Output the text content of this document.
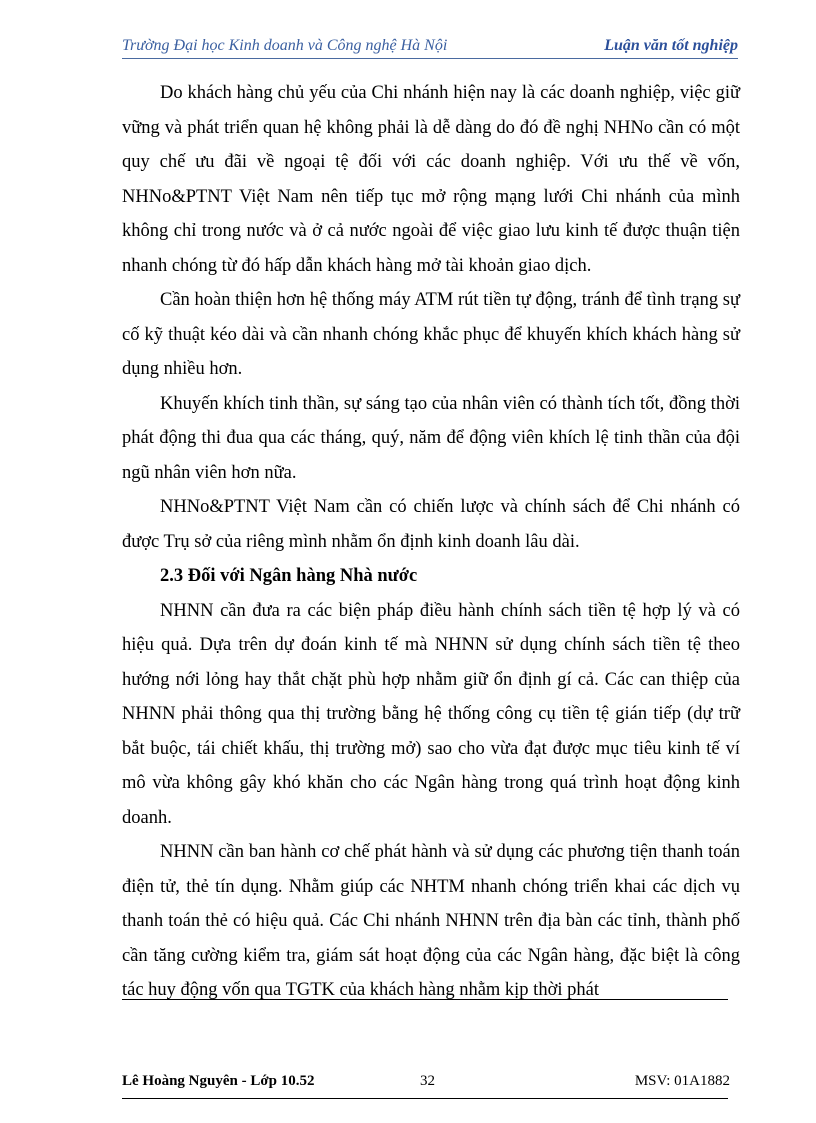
Trường Đại học Kinh doanh và Công nghệ Hà Nội	Luận văn tốt nghiệp

Do khách hàng chủ yếu của Chi nhánh hiện nay là các doanh nghiệp, việc giữ vững và phát triển quan hệ không phải là dễ dàng do đó đề nghị NHNo cần có một quy chế ưu đãi về ngoại tệ đối với các doanh nghiệp. Với ưu thế về vốn, NHNo&PTNT Việt Nam nên tiếp tục mở rộng mạng lưới Chi nhánh của mình không chỉ trong nước và ở cả nước ngoài để việc giao lưu kinh tế được thuận tiện nhanh chóng từ đó hấp dẫn khách hàng mở tài khoản giao dịch.

Cần hoàn thiện hơn hệ thống máy ATM rút tiền tự động, tránh để tình trạng sự cố kỹ thuật kéo dài và cần nhanh chóng khắc phục để khuyến khích khách hàng sử dụng nhiều hơn.

Khuyến khích tinh thần, sự sáng tạo của nhân viên có thành tích tốt, đồng thời phát động thi đua qua các tháng, quý, năm để động viên khích lệ tinh thần của đội ngũ nhân viên hơn nữa.

NHNo&PTNT Việt Nam cần có chiến lược và chính sách để Chi nhánh có được Trụ sở của riêng mình nhằm ổn định kinh doanh lâu dài.

2.3 Đối với Ngân hàng Nhà nước

NHNN cần đưa ra các biện pháp điều hành chính sách tiền tệ hợp lý và có hiệu quả. Dựa trên dự đoán kinh tế mà NHNN sử dụng chính sách tiền tệ theo hướng nới lỏng hay thắt chặt phù hợp nhằm giữ ổn định gí cả. Các can thiệp của NHNN phải thông qua thị trường bằng hệ thống công cụ tiền tệ gián tiếp (dự trữ bắt buộc, tái chiết khấu, thị trường mở) sao cho vừa đạt được mục tiêu kinh tế ví mô vừa không gây khó khăn cho các Ngân hàng trong quá trình hoạt động kinh doanh.

NHNN cần ban hành cơ chế phát hành và sử dụng các phương tiện thanh toán điện tử, thẻ tín dụng. Nhằm giúp các NHTM nhanh chóng triển khai các dịch vụ thanh toán thẻ có hiệu quả. Các Chi nhánh NHNN trên địa bàn các tỉnh, thành phố cần tăng cường kiểm tra, giám sát hoạt động của các Ngân hàng, đặc biệt là công tác huy động vốn qua TGTK của khách hàng nhằm kịp thời phát

Lê Hoàng Nguyên - Lớp 10.52	32	MSV: 01A1882
